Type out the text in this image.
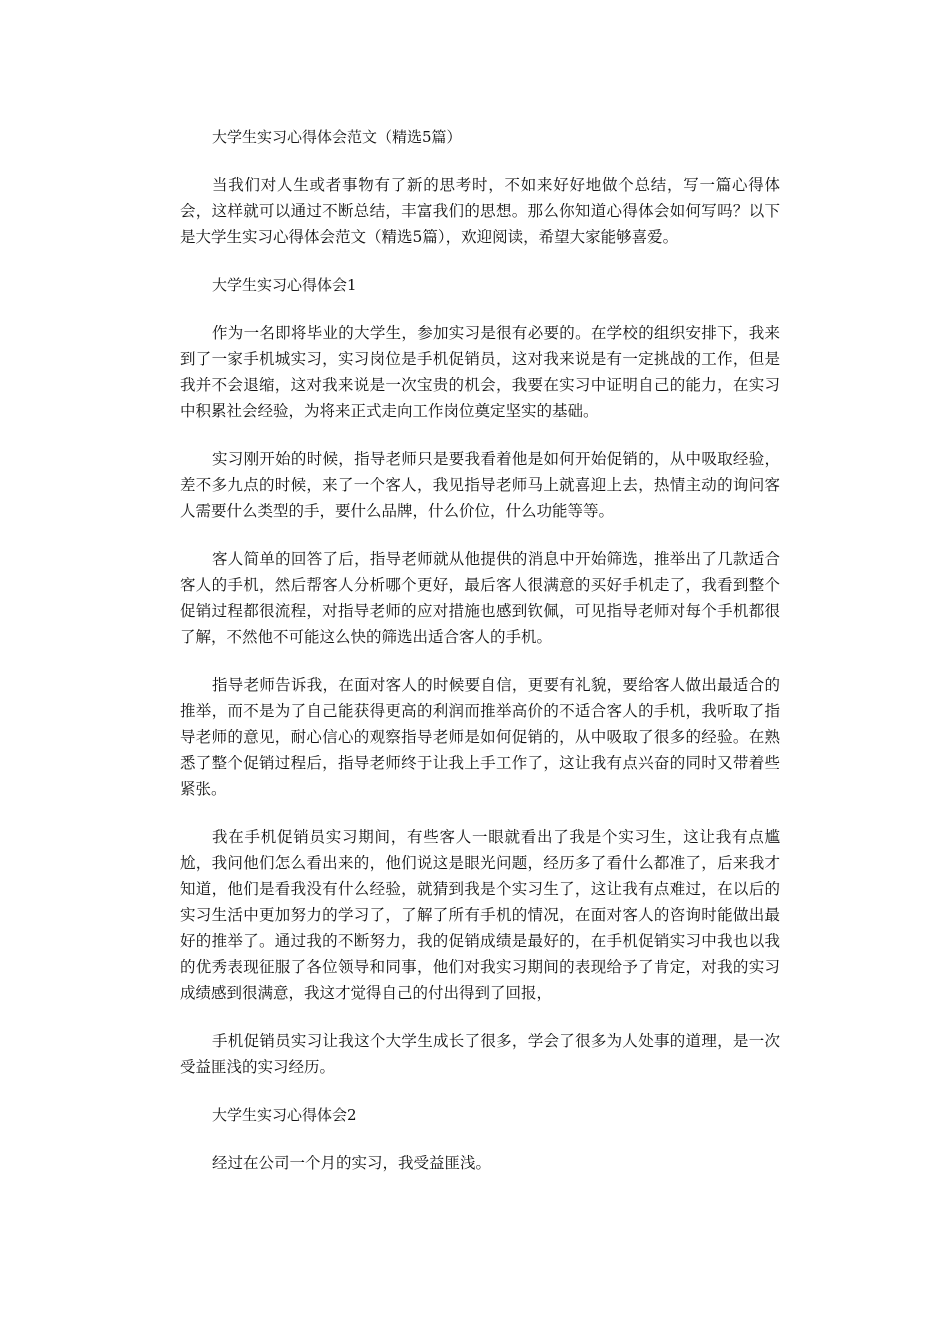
大学生实习心得体会范文（精选5篇）

当我们对人生或者事物有了新的思考时，不如来好好地做个总结，写一篇心得体会，这样就可以通过不断总结，丰富我们的思想。那么你知道心得体会如何写吗？以下是大学生实习心得体会范文（精选5篇），欢迎阅读，希望大家能够喜爱。

大学生实习心得体会1

作为一名即将毕业的大学生，参加实习是很有必要的。在学校的组织安排下，我来到了一家手机城实习，实习岗位是手机促销员，这对我来说是有一定挑战的工作，但是我并不会退缩，这对我来说是一次宝贵的机会，我要在实习中证明自己的能力，在实习中积累社会经验，为将来正式走向工作岗位奠定坚实的基础。

实习刚开始的时候，指导老师只是要我看着他是如何开始促销的，从中吸取经验，差不多九点的时候，来了一个客人，我见指导老师马上就喜迎上去，热情主动的询问客人需要什么类型的手，要什么品牌，什么价位，什么功能等等。

客人简单的回答了后，指导老师就从他提供的消息中开始筛选，推举出了几款适合客人的手机，然后帮客人分析哪个更好，最后客人很满意的买好手机走了，我看到整个促销过程都很流程，对指导老师的应对措施也感到钦佩，可见指导老师对每个手机都很了解，不然他不可能这么快的筛选出适合客人的手机。

指导老师告诉我，在面对客人的时候要自信，更要有礼貌，要给客人做出最适合的推举，而不是为了自己能获得更高的利润而推举高价的不适合客人的手机，我听取了指导老师的意见，耐心信心的观察指导老师是如何促销的，从中吸取了很多的经验。在熟悉了整个促销过程后，指导老师终于让我上手工作了，这让我有点兴奋的同时又带着些紧张。

我在手机促销员实习期间，有些客人一眼就看出了我是个实习生，这让我有点尴尬，我问他们怎么看出来的，他们说这是眼光问题，经历多了看什么都准了，后来我才知道，他们是看我没有什么经验，就猜到我是个实习生了，这让我有点难过，在以后的实习生活中更加努力的学习了，了解了所有手机的情况，在面对客人的咨询时能做出最好的推举了。通过我的不断努力，我的促销成绩是最好的，在手机促销实习中我也以我的优秀表现征服了各位领导和同事，他们对我实习期间的表现给予了肯定，对我的实习成绩感到很满意，我这才觉得自己的付出得到了回报，

手机促销员实习让我这个大学生成长了很多，学会了很多为人处事的道理，是一次受益匪浅的实习经历。

大学生实习心得体会2

经过在公司一个月的实习，我受益匪浅。
